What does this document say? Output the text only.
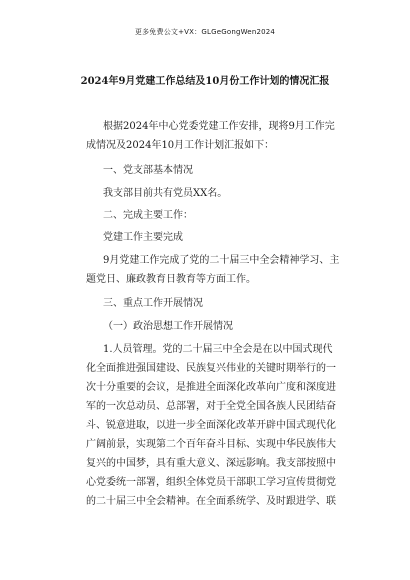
更多免费公文+VX：GLGeGongWen2024
2024年9月党建工作总结及10月份工作计划的情况汇报
根据2024年中心党委党建工作安排，现将9月工作完
成情况及2024年10月工作计划汇报如下：
一、党支部基本情况
我支部目前共有党员XX名。
二、完成主要工作：
党建工作主要完成
9月党建工作完成了党的二十届三中全会精神学习、主
题党日、廉政教育日教育等方面工作。
三、重点工作开展情况
（一）政治思想工作开展情况
1.人员管理。党的二十届三中全会是在以中国式现代
化全面推进强国建设、民族复兴伟业的关键时期举行的一
次十分重要的会议，是推进全面深化改革向广度和深度进
军的一次总动员、总部署，对于全党全国各族人民团结奋
斗、锐意进取，以进一步全面深化改革开辟中国式现代化
广阔前景，实现第二个百年奋斗目标、实现中华民族伟大
复兴的中国梦，具有重大意义、深远影响。我支部按照中
心党委统一部署，组织全体党员干部职工学习宣传贯彻党
的二十届三中全会精神。在全面系统学、及时跟进学、联
